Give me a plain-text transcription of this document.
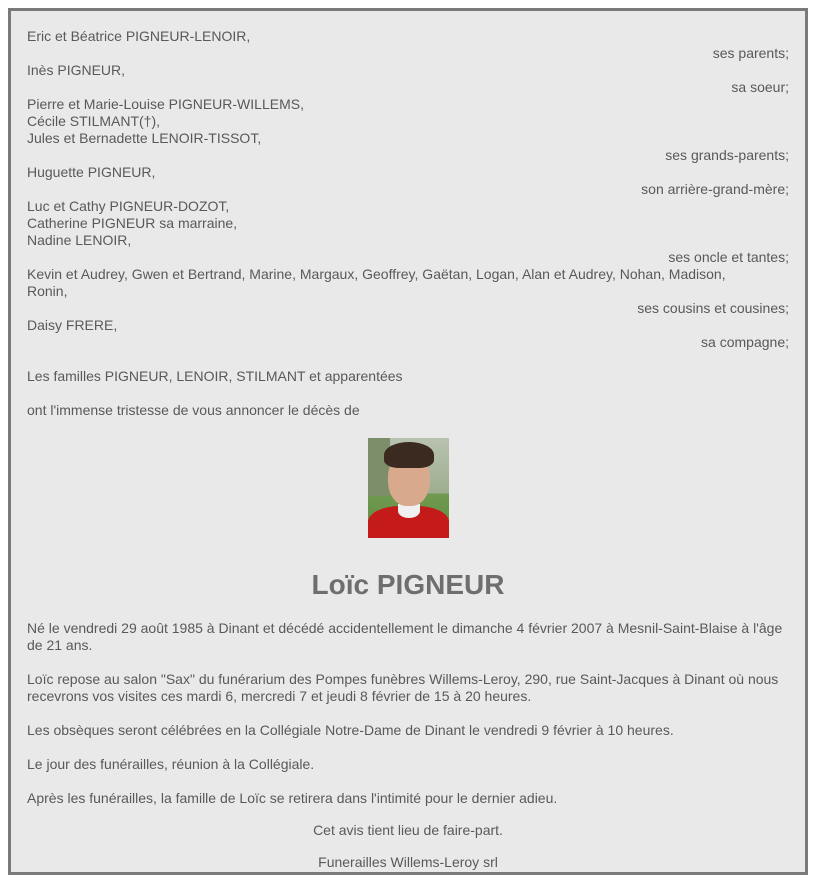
Eric et Béatrice PIGNEUR-LENOIR,
ses parents;
Inès PIGNEUR,
sa soeur;
Pierre et Marie-Louise PIGNEUR-WILLEMS,
Cécile STILMANT(†),
Jules et Bernadette LENOIR-TISSOT,
ses grands-parents;
Huguette PIGNEUR,
son arrière-grand-mère;
Luc et Cathy PIGNEUR-DOZOT,
Catherine PIGNEUR sa marraine,
Nadine LENOIR,
ses oncle et tantes;
Kevin et Audrey, Gwen et Bertrand, Marine, Margaux, Geoffrey, Gaëtan, Logan, Alan et Audrey, Nohan, Madison, Ronin,
ses cousins et cousines;
Daisy FRERE,
sa compagne;
Les familles PIGNEUR, LENOIR, STILMANT et apparentées
ont l'immense tristesse de vous annoncer le décès de
Loïc PIGNEUR
Né le vendredi 29 août 1985 à Dinant et décédé accidentellement le dimanche 4 février 2007 à Mesnil-Saint-Blaise à l'âge de 21 ans.
Loïc repose au salon "Sax" du funérarium des Pompes funèbres Willems-Leroy, 290, rue Saint-Jacques à Dinant où nous recevrons vos visites ces mardi 6, mercredi 7 et jeudi 8 février de 15 à 20 heures.
Les obsèques seront célébrées en la Collégiale Notre-Dame de Dinant le vendredi 9 février à 10 heures.
Le jour des funérailles, réunion à la Collégiale.
Après les funérailles, la famille de Loïc se retirera dans l'intimité pour le dernier adieu.
Cet avis tient lieu de faire-part.
Funerailles Willems-Leroy srl
